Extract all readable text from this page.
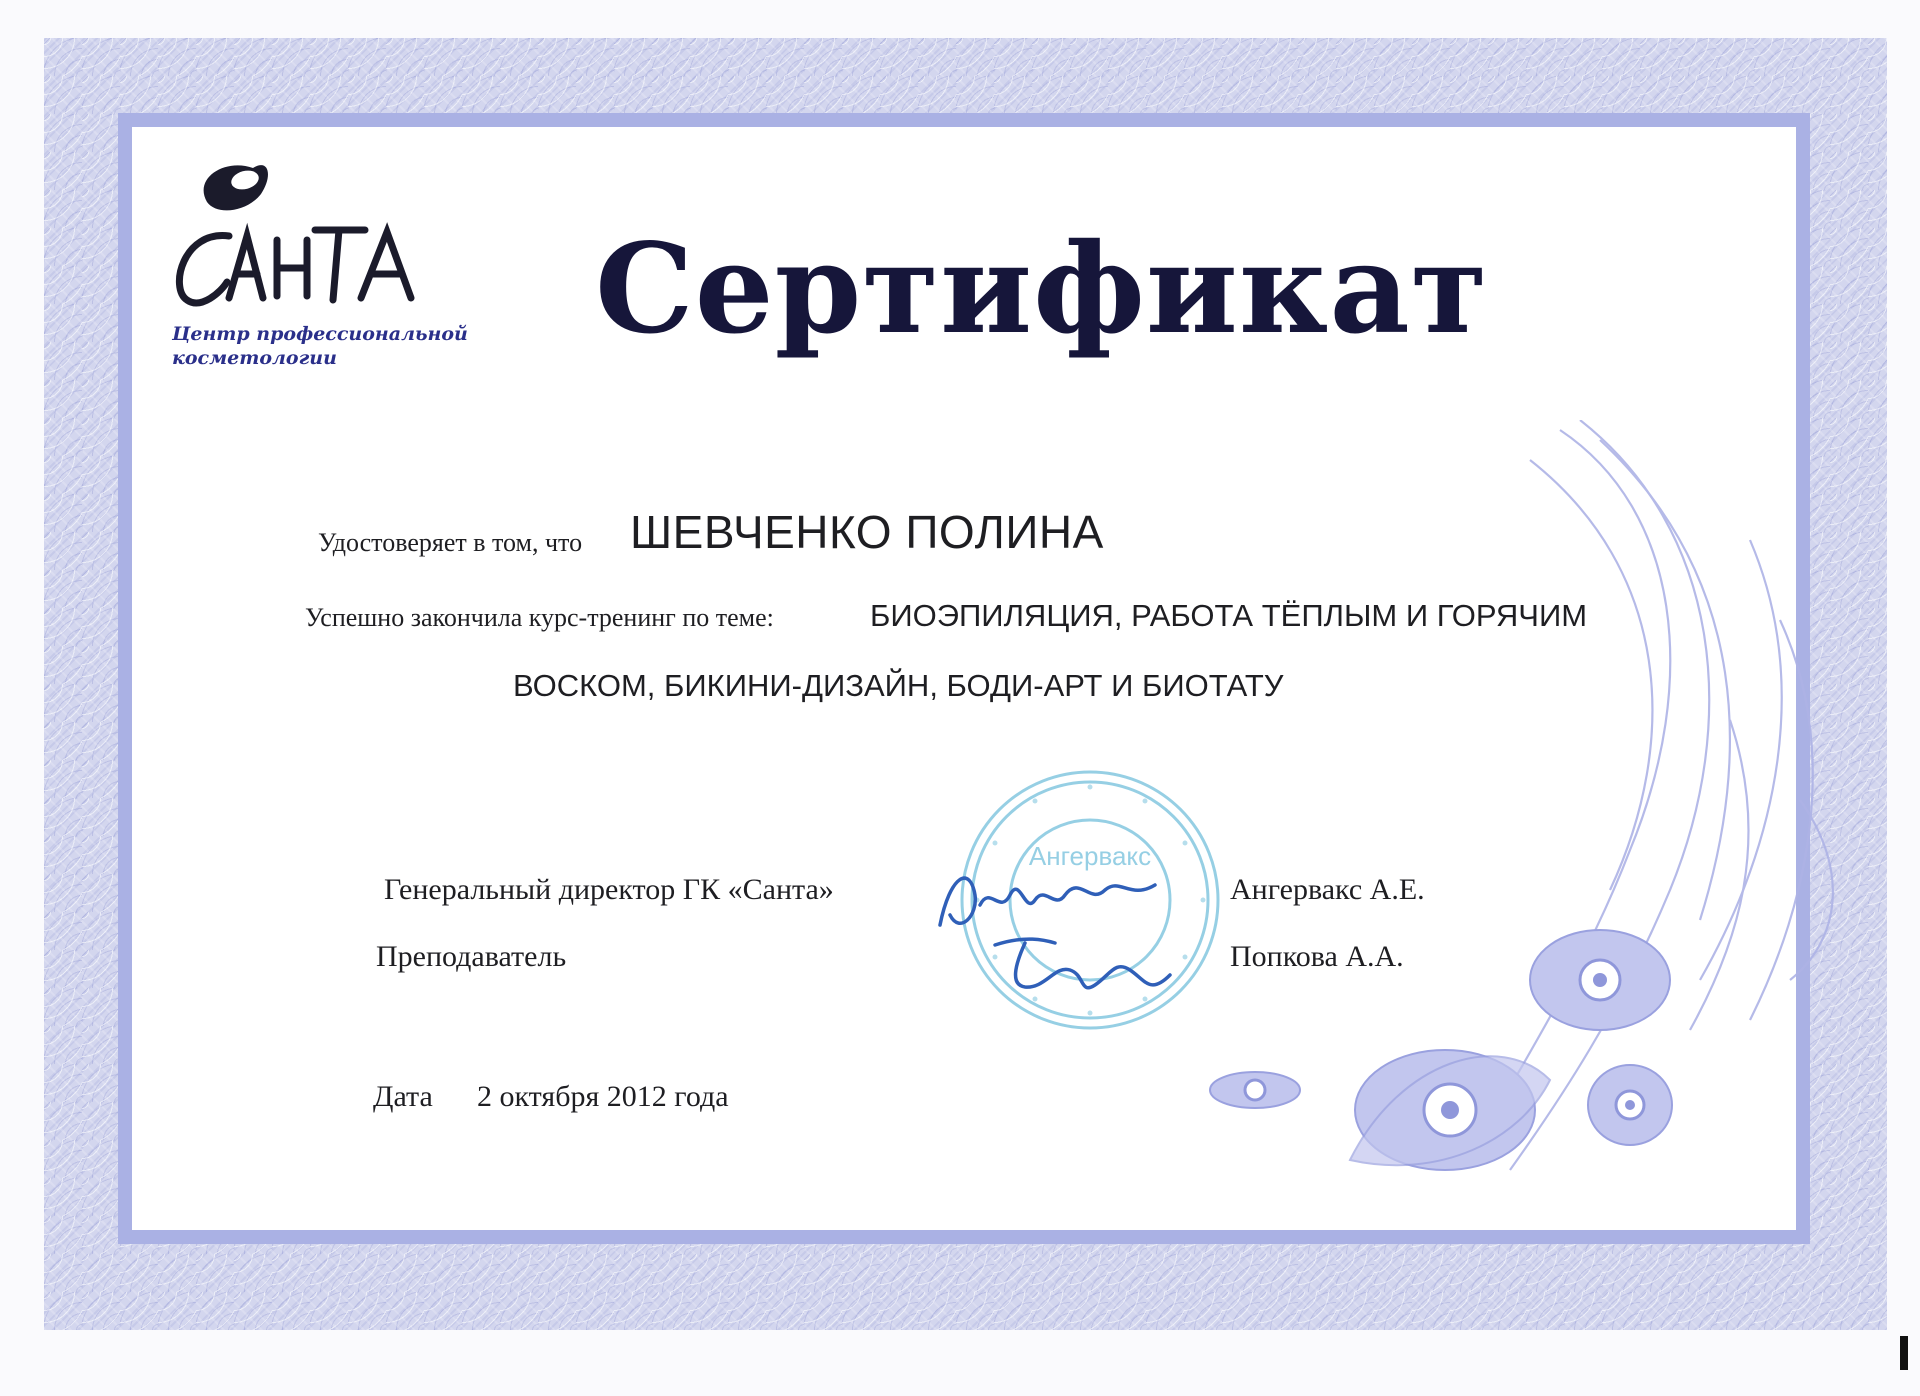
Центр профессиональной
косметологии	Сертификат
Удостоверяет в том, что ШЕВЧЕНКО ПОЛИНА
Успешно закончила курс-тренинг по теме:	БИОЭПИЛЯЦИЯ, РАБОТА ТЁПЛЫМ И ГОРЯЧИМ
ВОСКОМ, БИКИНИ-ДИЗАЙН, БОДИ-АРТ И БИОТАТУ
Ангервакс
Генеральный директор ГК «Санта»	Ангервакс А.Е.
Преподаватель	Попкова А.А.
Дата 2 октября 2012 года
